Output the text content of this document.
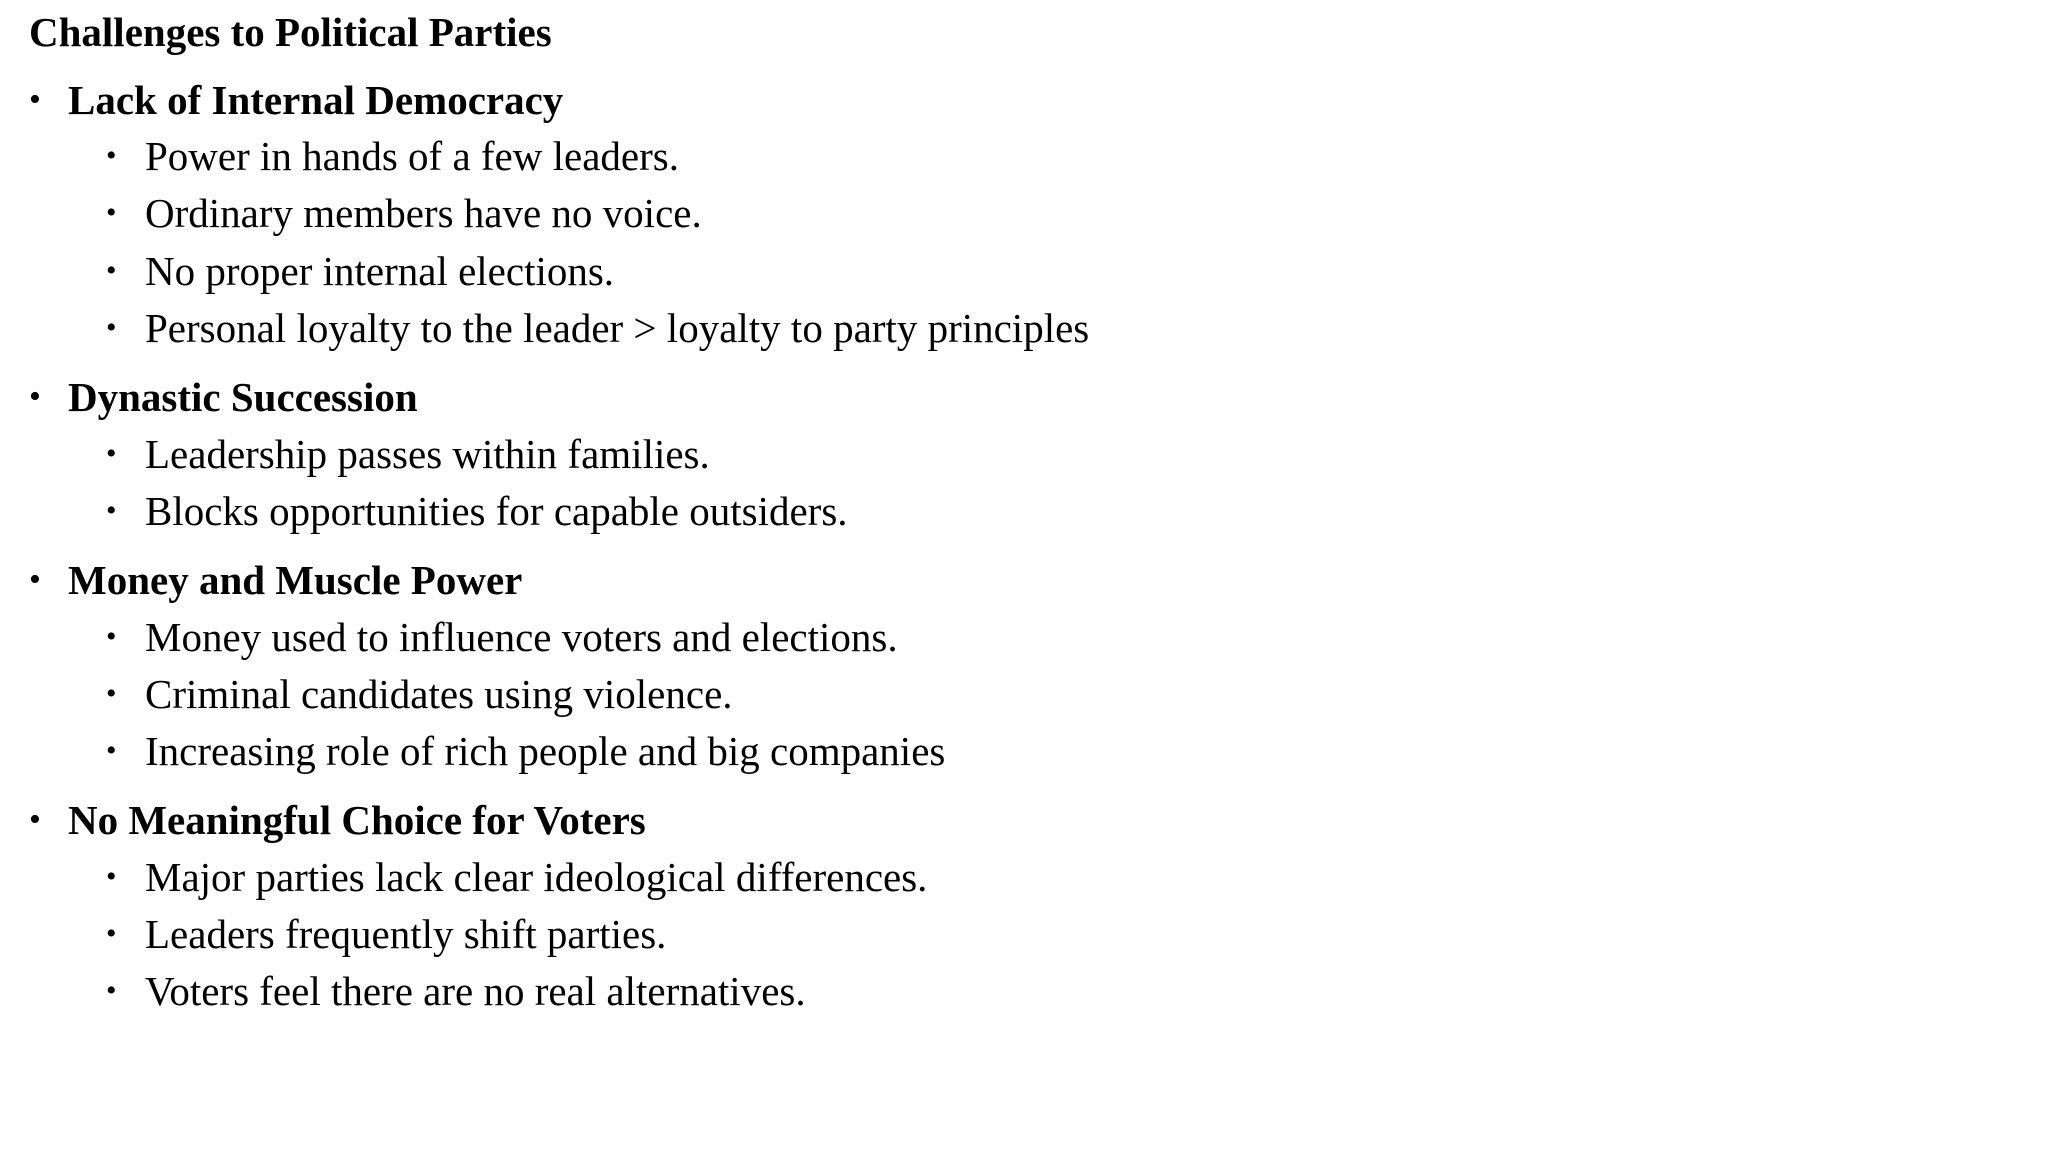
Challenges to Political Parties
• Lack of Internal Democracy
• Power in hands of a few leaders.
• Ordinary members have no voice.
• No proper internal elections.
• Personal loyalty to the leader > loyalty to party principles
• Dynastic Succession
• Leadership passes within families.
• Blocks opportunities for capable outsiders.
• Money and Muscle Power
• Money used to influence voters and elections.
• Criminal candidates using violence.
• Increasing role of rich people and big companies
• No Meaningful Choice for Voters
• Major parties lack clear ideological differences.
• Leaders frequently shift parties.
• Voters feel there are no real alternatives.
